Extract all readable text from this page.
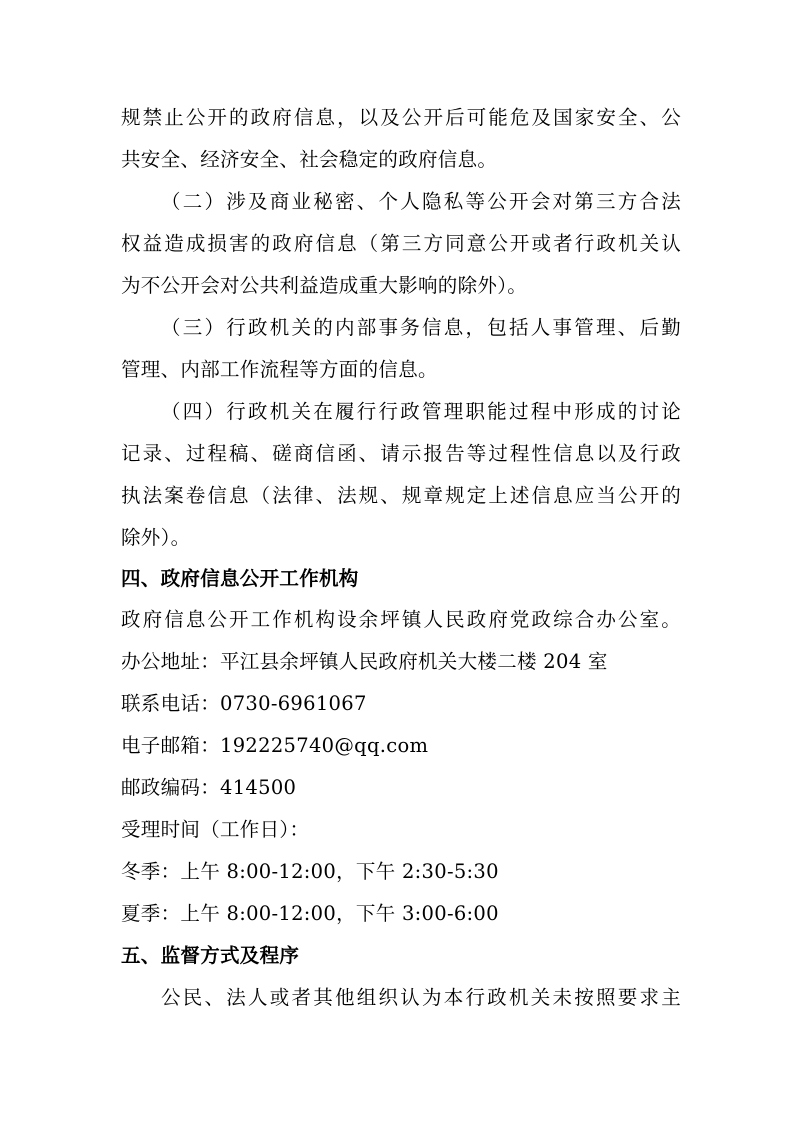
规禁止公开的政府信息，以及公开后可能危及国家安全、公
共安全、经济安全、社会稳定的政府信息。
（二）涉及商业秘密、个人隐私等公开会对第三方合法
权益造成损害的政府信息（第三方同意公开或者行政机关认
为不公开会对公共利益造成重大影响的除外）。
（三）行政机关的内部事务信息，包括人事管理、后勤
管理、内部工作流程等方面的信息。
（四）行政机关在履行行政管理职能过程中形成的讨论
记录、过程稿、磋商信函、请示报告等过程性信息以及行政
执法案卷信息（法律、法规、规章规定上述信息应当公开的
除外）。
四、政府信息公开工作机构
政府信息公开工作机构设余坪镇人民政府党政综合办公室。
办公地址：平江县余坪镇人民政府机关大楼二楼 204 室
联系电话：0730-6961067
电子邮箱：192225740@qq.com
邮政编码：414500
受理时间（工作日）：
冬季：上午 8:00-12:00，下午 2:30-5:30
夏季：上午 8:00-12:00，下午 3:00-6:00
五、监督方式及程序
公民、法人或者其他组织认为本行政机关未按照要求主
